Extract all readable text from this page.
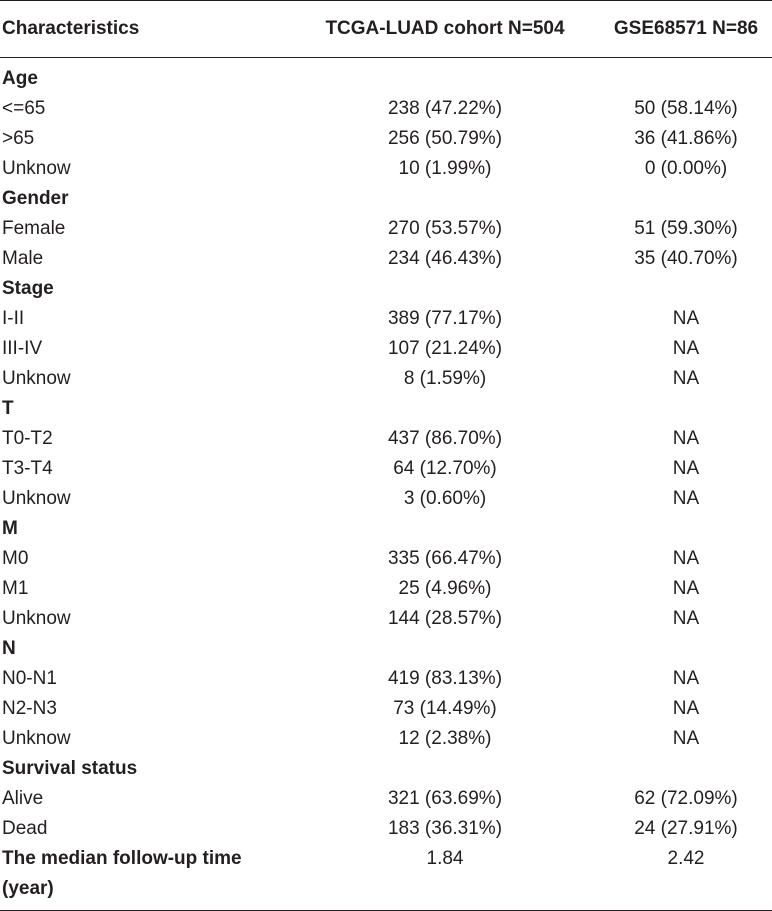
Characteristics	TCGA-LUAD cohort N=504	GSE68571 N=86

Age		
<=65	238 (47.22%)	50 (58.14%)
>65	256 (50.79%)	36 (41.86%)
Unknow	10 (1.99%)	0 (0.00%)
Gender		
Female	270 (53.57%)	51 (59.30%)
Male	234 (46.43%)	35 (40.70%)
Stage		
I-II	389 (77.17%)	NA
III-IV	107 (21.24%)	NA
Unknow	8 (1.59%)	NA
T		
T0-T2	437 (86.70%)	NA
T3-T4	64 (12.70%)	NA
Unknow	3 (0.60%)	NA
M		
M0	335 (66.47%)	NA
M1	25 (4.96%)	NA
Unknow	144 (28.57%)	NA
N		
N0-N1	419 (83.13%)	NA
N2-N3	73 (14.49%)	NA
Unknow	12 (2.38%)	NA
Survival status		
Alive	321 (63.69%)	62 (72.09%)
Dead	183 (36.31%)	24 (27.91%)
The median follow-up time (year)	1.84	2.42
